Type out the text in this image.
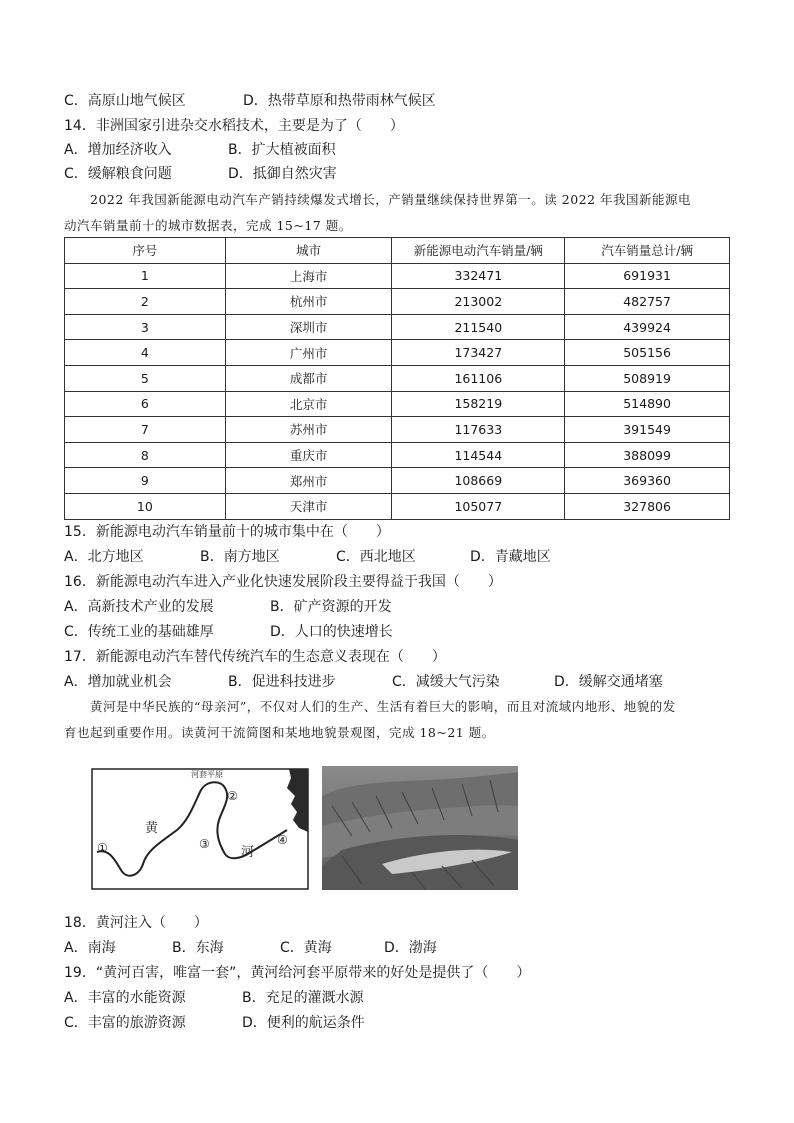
C．高原山地气候区	D．热带草原和热带雨林气候区
14．非洲国家引进杂交水稻技术，主要是为了（　　）
A．增加经济收入	B．扩大植被面积
C．缓解粮食问题	D．抵御自然灾害
2022 年我国新能源电动汽车产销持续爆发式增长，产销量继续保持世界第一。读 2022 年我国新能源电
动汽车销量前十的城市数据表，完成 15~17 题。
序号	城市	新能源电动汽车销量/辆	汽车销量总计/辆
1	上海市	332471	691931
2	杭州市	213002	482757
3	深圳市	211540	439924
4	广州市	173427	505156
5	成都市	161106	508919
6	北京市	158219	514890
7	苏州市	117633	391549
8	重庆市	114544	388099
9	郑州市	108669	369360
10	天津市	105077	327806
15．新能源电动汽车销量前十的城市集中在（　　）
A．北方地区	B．南方地区	C．西北地区	D．青藏地区
16．新能源电动汽车进入产业化快速发展阶段主要得益于我国（　　）
A．高新技术产业的发展	B．矿产资源的开发
C．传统工业的基础雄厚	D．人口的快速增长
17．新能源电动汽车替代传统汽车的生态意义表现在（　　）
A．增加就业机会	B．促进科技进步	C．减缓大气污染	D．缓解交通堵塞
黄河是中华民族的“母亲河”，不仅对人们的生产、生活有着巨大的影响，而且对流域内地形、地貌的发
育也起到重要作用。读黄河干流简图和某地地貌景观图，完成 18~21 题。
河套平原
黄
河
①
②
③	④
18．黄河注入（　　）
A．南海	B．东海	C．黄海	D．渤海
19．“黄河百害，唯富一套”，黄河给河套平原带来的好处是提供了（　　）
A．丰富的水能资源	B．充足的灌溉水源
C．丰富的旅游资源	D．便利的航运条件
